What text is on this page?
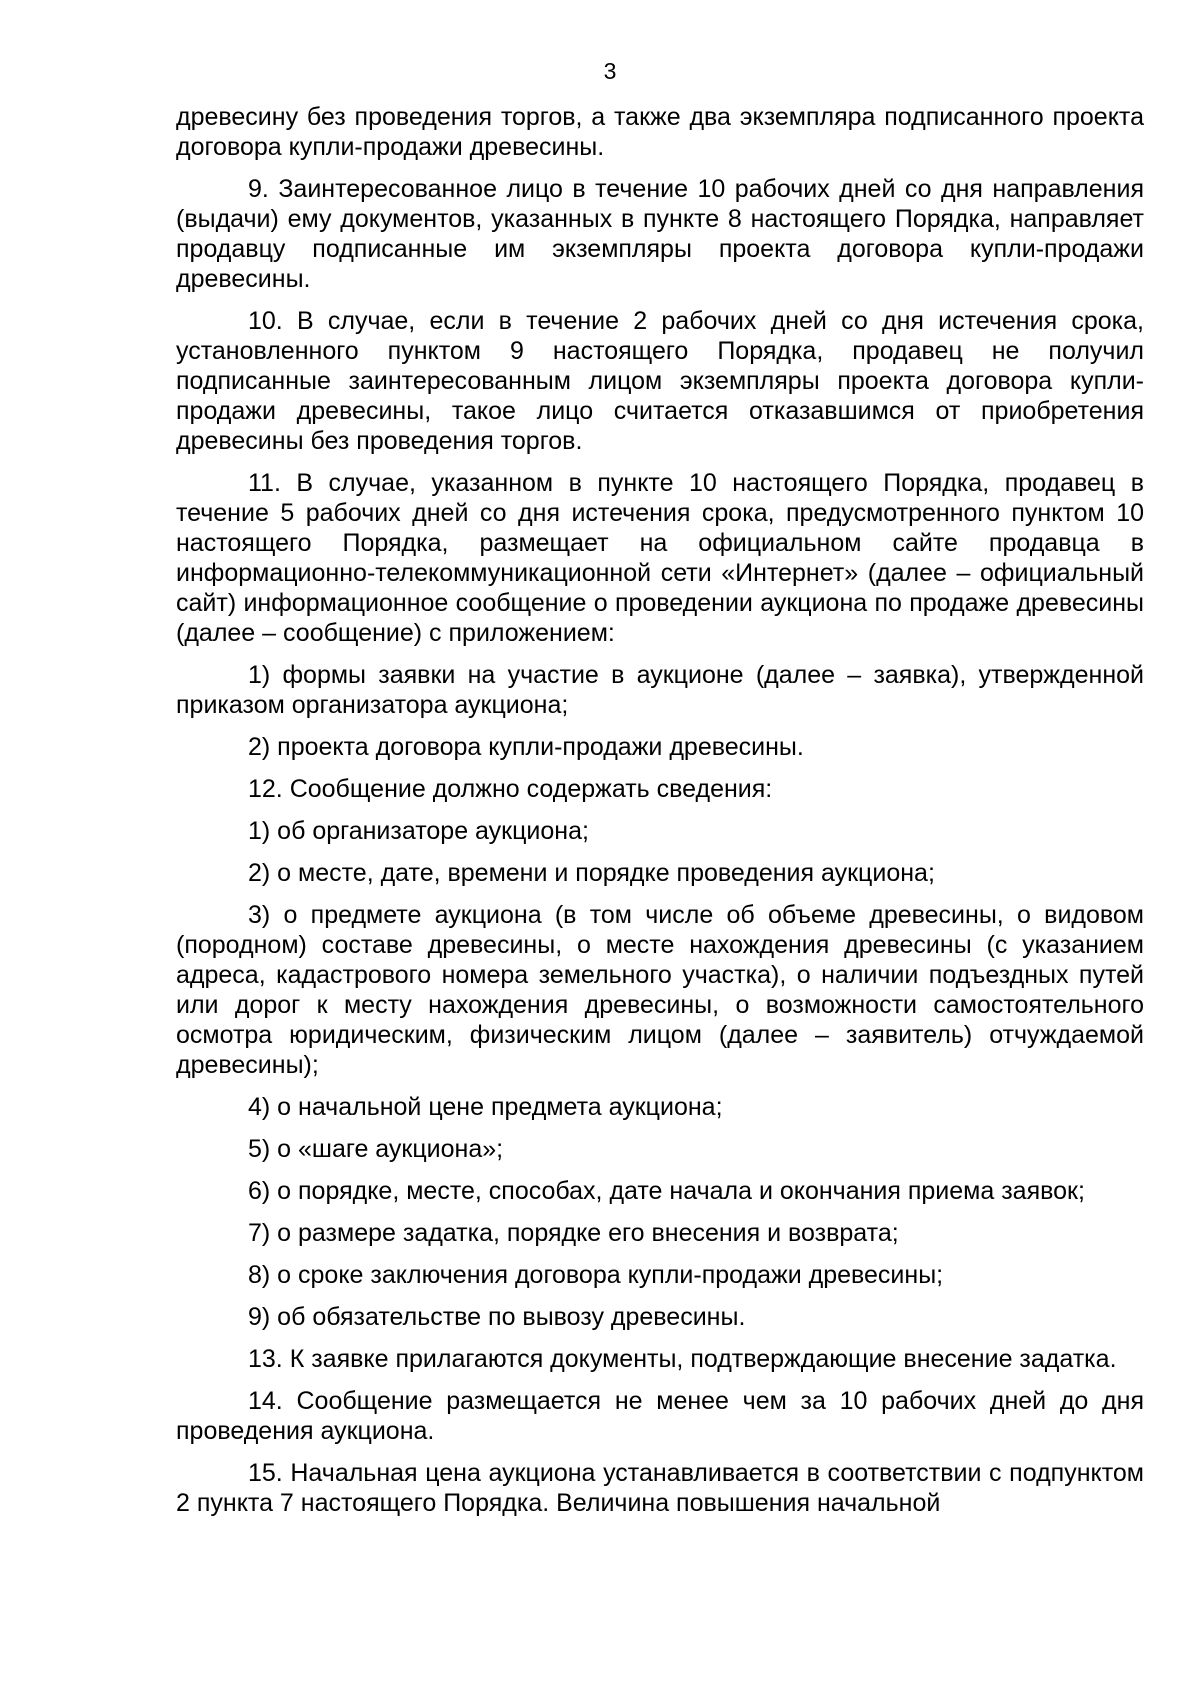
3

древесину без проведения торгов, а также два экземпляра подписанного проекта договора купли-продажи древесины.

9. Заинтересованное лицо в течение 10 рабочих дней со дня направления (выдачи) ему документов, указанных в пункте 8 настоящего Порядка, направляет продавцу подписанные им экземпляры проекта договора купли-продажи древесины.

10. В случае, если в течение 2 рабочих дней со дня истечения срока, установленного пунктом 9 настоящего Порядка, продавец не получил подписанные заинтересованным лицом экземпляры проекта договора купли-продажи древесины, такое лицо считается отказавшимся от приобретения древесины без проведения торгов.

11. В случае, указанном в пункте 10 настоящего Порядка, продавец в течение 5 рабочих дней со дня истечения срока, предусмотренного пунктом 10 настоящего Порядка, размещает на официальном сайте продавца в информационно-телекоммуникационной сети «Интернет» (далее – официальный сайт) информационное сообщение о проведении аукциона по продаже древесины (далее – сообщение) с приложением:

1) формы заявки на участие в аукционе (далее – заявка), утвержденной приказом организатора аукциона;

2) проекта договора купли-продажи древесины.

12. Сообщение должно содержать сведения:

1) об организаторе аукциона;

2) о месте, дате, времени и порядке проведения аукциона;

3) о предмете аукциона (в том числе об объеме древесины, о видовом (породном) составе древесины, о месте нахождения древесины (с указанием адреса, кадастрового номера земельного участка), о наличии подъездных путей или дорог к месту нахождения древесины, о возможности самостоятельного осмотра юридическим, физическим лицом (далее – заявитель) отчуждаемой древесины);

4) о начальной цене предмета аукциона;

5) о «шаге аукциона»;

6) о порядке, месте, способах, дате начала и окончания приема заявок;

7) о размере задатка, порядке его внесения и возврата;

8) о сроке заключения договора купли-продажи древесины;

9) об обязательстве по вывозу древесины.

13. К заявке прилагаются документы, подтверждающие внесение задатка.

14. Сообщение размещается не менее чем за 10 рабочих дней до дня проведения аукциона.

15. Начальная цена аукциона устанавливается в соответствии с подпунктом 2 пункта 7 настоящего Порядка. Величина повышения начальной
